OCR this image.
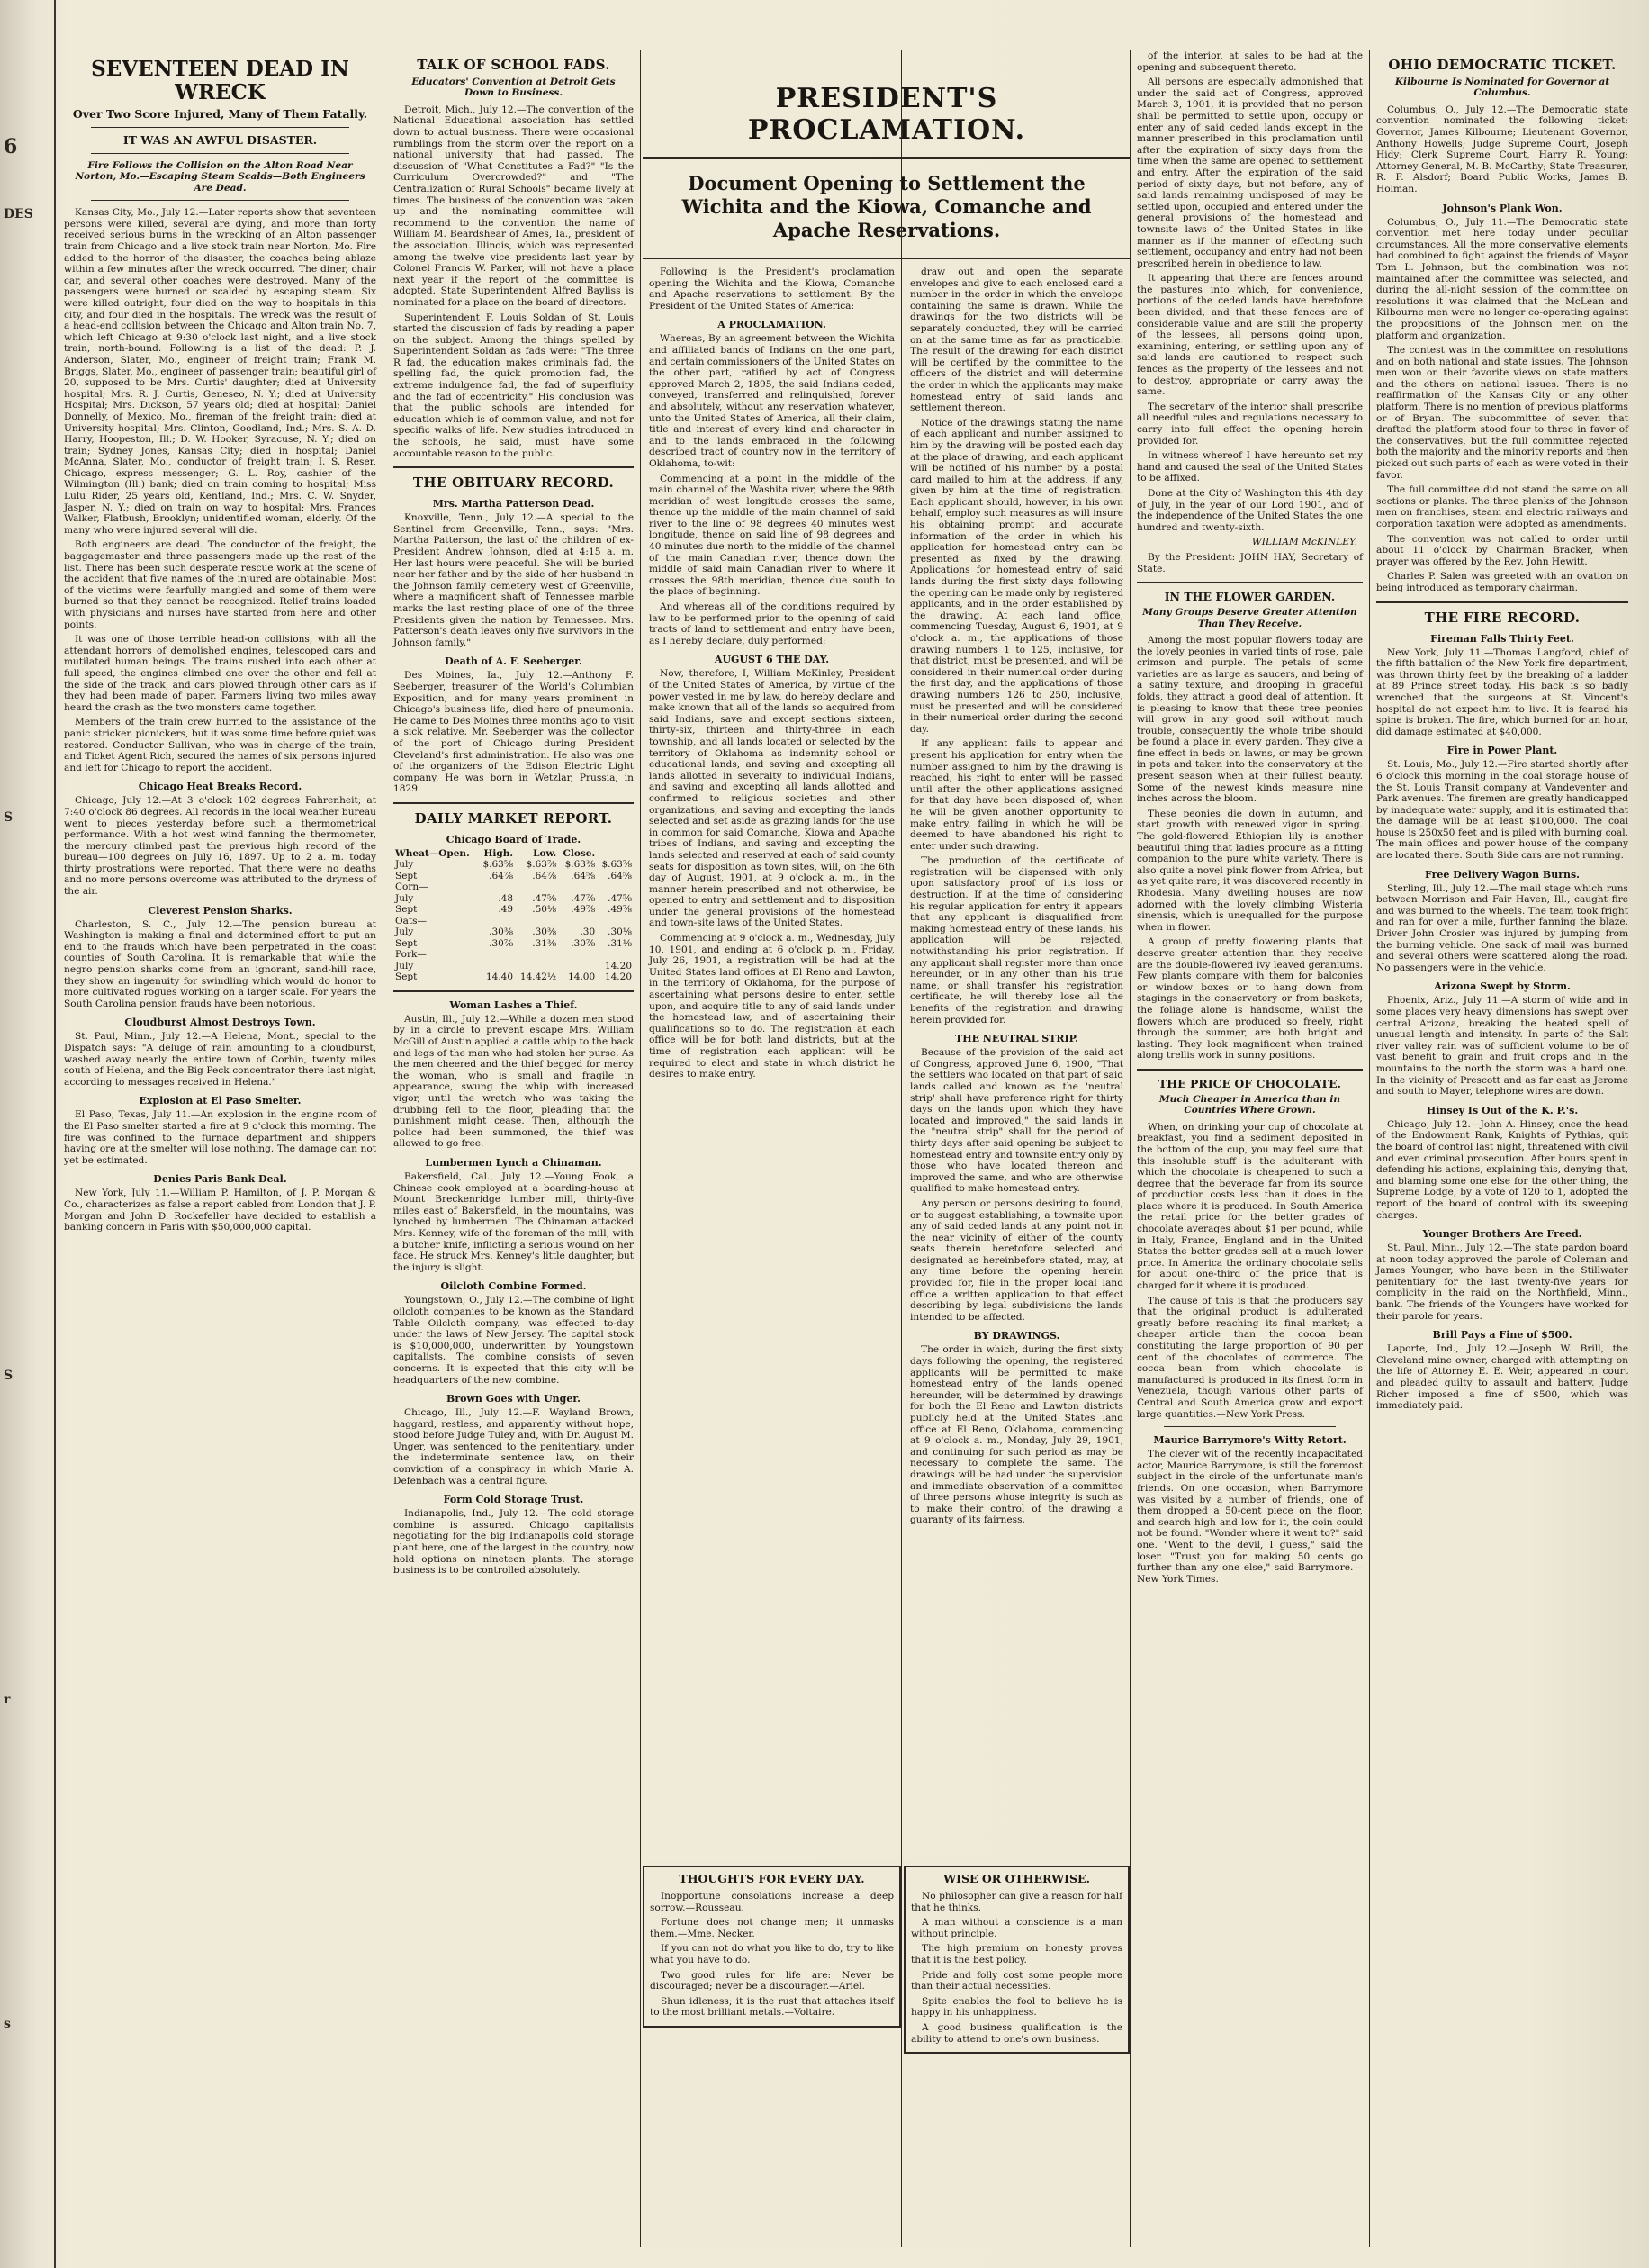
6
DES
S
S
r
s
SEVENTEEN DEAD IN WRECK
Over Two Score Injured, Many of Them Fatally.
IT WAS AN AWFUL DISASTER.
Fire Follows the Collision on the Alton Road Near Norton, Mo.—Escaping Steam Scalds—Both Engineers Are Dead.

Kansas City, Mo., July 12.—Later reports show that seventeen persons were killed, several are dying, and more than forty received serious burns in the wrecking of an Alton passenger train from Chicago and a live stock train near Norton, Mo. Fire added to the horror of the disaster, the coaches being ablaze within a few minutes after the wreck occurred. The diner, chair car, and several other coaches were destroyed. Many of the passengers were burned or scalded by escaping steam. Six were killed outright, four died on the way to hospitals in this city, and four died in the hospitals. The wreck was the result of a head-end collision between the Chicago and Alton train No. 7, which left Chicago at 9:30 o'clock last night, and a live stock train, north-bound. Following is a list of the dead: P. J. Anderson, Slater, Mo., engineer of freight train; Frank M. Briggs, Slater, Mo., engineer of passenger train; beautiful girl of 20, supposed to be Mrs. Curtis' daughter; died at University hospital; Mrs. R. J. Curtis, Geneseo, N. Y.; died at University Hospital; Mrs. Dickson, 57 years old; died at hospital; Daniel Donnelly, of Mexico, Mo., fireman of the freight train; died at University hospital; Mrs. Clinton, Goodland, Ind.; Mrs. S. A. D. Harry, Hoopeston, Ill.; D. W. Hooker, Syracuse, N. Y.; died on train; Sydney Jones, Kansas City; died in hospital; Daniel McAnna, Slater, Mo., conductor of freight train; I. S. Reser, Chicago, express messenger; G. L. Roy, cashier of the Wilmington (Ill.) bank; died on train coming to hospital; Miss Lulu Rider, 25 years old, Kentland, Ind.; Mrs. C. W. Snyder, Jasper, N. Y.; died on train on way to hospital; Mrs. Frances Walker, Flatbush, Brooklyn; unidentified woman, elderly. Of the many who were injured several will die.

Both engineers are dead. The conductor of the freight, the baggagemaster and three passengers made up the rest of the list. There has been such desperate rescue work at the scene of the accident that five names of the injured are obtainable. Most of the victims were fearfully mangled and some of them were burned so that they cannot be recognized. Relief trains loaded with physicians and nurses have started from here and other points.

It was one of those terrible head-on collisions, with all the attendant horrors of demolished engines, telescoped cars and mutilated human beings. The trains rushed into each other at full speed, the engines climbed one over the other and fell at the side of the track, and cars plowed through other cars as if they had been made of paper. Farmers living two miles away heard the crash as the two monsters came together.

Members of the train crew hurried to the assistance of the panic stricken picnickers, but it was some time before quiet was restored. Conductor Sullivan, who was in charge of the train, and Ticket Agent Rich, secured the names of six persons injured and left for Chicago to report the accident.

Chicago Heat Breaks Record.

Chicago, July 12.—At 3 o'clock 102 degrees Fahrenheit; at 7:40 o'clock 86 degrees. All records in the local weather bureau went to pieces yesterday before such a thermometrical performance. With a hot west wind fanning the thermometer, the mercury climbed past the previous high record of the bureau—100 degrees on July 16, 1897. Up to 2 a. m. today thirty prostrations were reported. That there were no deaths and no more persons overcome was attributed to the dryness of the air.

Cleverest Pension Sharks.

Charleston, S. C., July 12.—The pension bureau at Washington is making a final and determined effort to put an end to the frauds which have been perpetrated in the coast counties of South Carolina. It is remarkable that while the negro pension sharks come from an ignorant, sand-hill race, they show an ingenuity for swindling which would do honor to more cultivated rogues working on a larger scale. For years the South Carolina pension frauds have been notorious.

Cloudburst Almost Destroys Town.

St. Paul, Minn., July 12.—A Helena, Mont., special to the Dispatch says: "A deluge of rain amounting to a cloudburst, washed away nearly the entire town of Corbin, twenty miles south of Helena, and the Big Peck concentrator there last night, according to messages received in Helena."

Explosion at El Paso Smelter.

El Paso, Texas, July 11.—An explosion in the engine room of the El Paso smelter started a fire at 9 o'clock this morning. The fire was confined to the furnace department and shippers having ore at the smelter will lose nothing. The damage can not yet be estimated.

Denies Paris Bank Deal.

New York, July 11.—William P. Hamilton, of J. P. Morgan & Co., characterizes as false a report cabled from London that J. P. Morgan and John D. Rockefeller have decided to establish a banking concern in Paris with $50,000,000 capital.

TALK OF SCHOOL FADS.
Educators' Convention at Detroit Gets Down to Business.

Detroit, Mich., July 12.—The convention of the National Educational association has settled down to actual business. There were occasional rumblings from the storm over the report on a national university that had passed. The discussion of "What Constitutes a Fad?" "Is the Curriculum Overcrowded?" and "The Centralization of Rural Schools" became lively at times. The business of the convention was taken up and the nominating committee will recommend to the convention the name of William M. Beardshear of Ames, Ia., president of the association. Illinois, which was represented among the twelve vice presidents last year by Colonel Francis W. Parker, will not have a place next year if the report of the committee is adopted. State Superintendent Alfred Bayliss is nominated for a place on the board of directors.

Superintendent F. Louis Soldan of St. Louis started the discussion of fads by reading a paper on the subject. Among the things spelled by Superintendent Soldan as fads were: "The three R fad, the education makes criminals fad, the spelling fad, the quick promotion fad, the extreme indulgence fad, the fad of superfluity and the fad of eccentricity." His conclusion was that the public schools are intended for education which is of common value, and not for specific walks of life. New studies introduced in the schools, he said, must have some accountable reason to the public.

THE OBITUARY RECORD.
Mrs. Martha Patterson Dead.

Knoxville, Tenn., July 12.—A special to the Sentinel from Greenville, Tenn., says: "Mrs. Martha Patterson, the last of the children of ex-President Andrew Johnson, died at 4:15 a. m. Her last hours were peaceful. She will be buried near her father and by the side of her husband in the Johnson family cemetery west of Greenville, where a magnificent shaft of Tennessee marble marks the last resting place of one of the three Presidents given the nation by Tennessee. Mrs. Patterson's death leaves only five survivors in the Johnson family."

Death of A. F. Seeberger.

Des Moines, Ia., July 12.—Anthony F. Seeberger, treasurer of the World's Columbian Exposition, and for many years prominent in Chicago's business life, died here of pneumonia. He came to Des Moines three months ago to visit a sick relative. Mr. Seeberger was the collector of the port of Chicago during President Cleveland's first administration. He also was one of the organizers of the Edison Electric Light company. He was born in Wetzlar, Prussia, in 1829.

DAILY MARKET REPORT.
Chicago Board of Trade.
Wheat—Open.	High.	Low.	Close.	
July	$.63⅝	$.63⅞	$.63⅜	$.63⅞
Sept	.64⅞	.64⅞	.64⅝	.64⅝
Corn—				
July	.48	.47⅝	.47⅞	.47⅝
Sept	.49	.50⅛	.49⅞	.49⅞
Oats—				
July	.30⅜	.30⅜	.30	.30⅛
Sept	.30⅞	.31⅜	.30⅞	.31⅛
Pork—				
July				14.20
Sept	14.40	14.42½	14.00	14.20
Woman Lashes a Thief.

Austin, Ill., July 12.—While a dozen men stood by in a circle to prevent escape Mrs. William McGill of Austin applied a cattle whip to the back and legs of the man who had stolen her purse. As the men cheered and the thief begged for mercy the woman, who is small and fragile in appearance, swung the whip with increased vigor, until the wretch who was taking the drubbing fell to the floor, pleading that the punishment might cease. Then, although the police had been summoned, the thief was allowed to go free.

Lumbermen Lynch a Chinaman.

Bakersfield, Cal., July 12.—Young Fook, a Chinese cook employed at a boarding-house at Mount Breckenridge lumber mill, thirty-five miles east of Bakersfield, in the mountains, was lynched by lumbermen. The Chinaman attacked Mrs. Kenney, wife of the foreman of the mill, with a butcher knife, inflicting a serious wound on her face. He struck Mrs. Kenney's little daughter, but the injury is slight.

Oilcloth Combine Formed.

Youngstown, O., July 12.—The combine of light oilcloth companies to be known as the Standard Table Oilcloth company, was effected to-day under the laws of New Jersey. The capital stock is $10,000,000, underwritten by Youngstown capitalists. The combine consists of seven concerns. It is expected that this city will be headquarters of the new combine.

Brown Goes with Unger.

Chicago, Ill., July 12.—F. Wayland Brown, haggard, restless, and apparently without hope, stood before Judge Tuley and, with Dr. August M. Unger, was sentenced to the penitentiary, under the indeterminate sentence law, on their conviction of a conspiracy in which Marie A. Defenbach was a central figure.

Form Cold Storage Trust.

Indianapolis, Ind., July 12.—The cold storage combine is assured. Chicago capitalists negotiating for the big Indianapolis cold storage plant here, one of the largest in the country, now hold options on nineteen plants. The storage business is to be controlled absolutely.

PRESIDENT'S PROCLAMATION.
Document Opening to Settlement the Wichita and the Kiowa, Comanche and Apache Reservations.

Following is the President's proclamation opening the Wichita and the Kiowa, Comanche and Apache reservations to settlement: By the President of the United States of America:

A PROCLAMATION.

Whereas, By an agreement between the Wichita and affiliated bands of Indians on the one part, and certain commissioners of the United States on the other part, ratified by act of Congress approved March 2, 1895, the said Indians ceded, conveyed, transferred and relinquished, forever and absolutely, without any reservation whatever, unto the United States of America, all their claim, title and interest of every kind and character in and to the lands embraced in the following described tract of country now in the territory of Oklahoma, to-wit:

Commencing at a point in the middle of the main channel of the Washita river, where the 98th meridian of west longitude crosses the same, thence up the middle of the main channel of said river to the line of 98 degrees 40 minutes west longitude, thence on said line of 98 degrees and 40 minutes due north to the middle of the channel of the main Canadian river, thence down the middle of said main Canadian river to where it crosses the 98th meridian, thence due south to the place of beginning.

And whereas all of the conditions required by law to be performed prior to the opening of said tracts of land to settlement and entry have been, as I hereby declare, duly performed:

AUGUST 6 THE DAY.

Now, therefore, I, William McKinley, President of the United States of America, by virtue of the power vested in me by law, do hereby declare and make known that all of the lands so acquired from said Indians, save and except sections sixteen, thirty-six, thirteen and thirty-three in each township, and all lands located or selected by the territory of Oklahoma as indemnity school or educational lands, and saving and excepting all lands allotted in severalty to individual Indians, and saving and excepting all lands allotted and confirmed to religious societies and other organizations, and saving and excepting the lands selected and set aside as grazing lands for the use in common for said Comanche, Kiowa and Apache tribes of Indians, and saving and excepting the lands selected and reserved at each of said county seats for disposition as town sites, will, on the 6th day of August, 1901, at 9 o'clock a. m., in the manner herein prescribed and not otherwise, be opened to entry and settlement and to disposition under the general provisions of the homestead and town-site laws of the United States.

Commencing at 9 o'clock a. m., Wednesday, July 10, 1901, and ending at 6 o'clock p. m., Friday, July 26, 1901, a registration will be had at the United States land offices at El Reno and Lawton, in the territory of Oklahoma, for the purpose of ascertaining what persons desire to enter, settle upon, and acquire title to any of said lands under the homestead law, and of ascertaining their qualifications so to do. The registration at each office will be for both land districts, but at the time of registration each applicant will be required to elect and state in which district he desires to make entry.

THOUGHTS FOR EVERY DAY.

Inopportune consolations increase a deep sorrow.—Rousseau.

Fortune does not change men; it unmasks them.—Mme. Necker.

If you can not do what you like to do, try to like what you have to do.

Two good rules for life are: Never be discouraged; never be a discourager.—Ariel.

Shun idleness; it is the rust that attaches itself to the most brilliant metals.—Voltaire.

draw out and open the separate envelopes and give to each enclosed card a number in the order in which the envelope containing the same is drawn. While the drawings for the two districts will be separately conducted, they will be carried on at the same time as far as practicable. The result of the drawing for each district will be certified by the committee to the officers of the district and will determine the order in which the applicants may make homestead entry of said lands and settlement thereon.

Notice of the drawings stating the name of each applicant and number assigned to him by the drawing will be posted each day at the place of drawing, and each applicant will be notified of his number by a postal card mailed to him at the address, if any, given by him at the time of registration. Each applicant should, however, in his own behalf, employ such measures as will insure his obtaining prompt and accurate information of the order in which his application for homestead entry can be presented as fixed by the drawing. Applications for homestead entry of said lands during the first sixty days following the opening can be made only by registered applicants, and in the order established by the drawing. At each land office, commencing Tuesday, August 6, 1901, at 9 o'clock a. m., the applications of those drawing numbers 1 to 125, inclusive, for that district, must be presented, and will be considered in their numerical order during the first day, and the applications of those drawing numbers 126 to 250, inclusive, must be presented and will be considered in their numerical order during the second day.

If any applicant fails to appear and present his application for entry when the number assigned to him by the drawing is reached, his right to enter will be passed until after the other applications assigned for that day have been disposed of, when he will be given another opportunity to make entry, failing in which he will be deemed to have abandoned his right to enter under such drawing.

The production of the certificate of registration will be dispensed with only upon satisfactory proof of its loss or destruction. If at the time of considering his regular application for entry it appears that any applicant is disqualified from making homestead entry of these lands, his application will be rejected, notwithstanding his prior registration. If any applicant shall register more than once hereunder, or in any other than his true name, or shall transfer his registration certificate, he will thereby lose all the benefits of the registration and drawing herein provided for.

THE NEUTRAL STRIP.

Because of the provision of the said act of Congress, approved June 6, 1900, "That the settlers who located on that part of said lands called and known as the 'neutral strip' shall have preference right for thirty days on the lands upon which they have located and improved," the said lands in the "neutral strip" shall for the period of thirty days after said opening be subject to homestead entry and townsite entry only by those who have located thereon and improved the same, and who are otherwise qualified to make homestead entry.

Any person or persons desiring to found, or to suggest establishing, a townsite upon any of said ceded lands at any point not in the near vicinity of either of the county seats therein heretofore selected and designated as hereinbefore stated, may, at any time before the opening herein provided for, file in the proper local land office a written application to that effect describing by legal subdivisions the lands intended to be affected.

BY DRAWINGS.

The order in which, during the first sixty days following the opening, the registered applicants will be permitted to make homestead entry of the lands opened hereunder, will be determined by drawings for both the El Reno and Lawton districts publicly held at the United States land office at El Reno, Oklahoma, commencing at 9 o'clock a. m., Monday, July 29, 1901, and continuing for such period as may be necessary to complete the same. The drawings will be had under the supervision and immediate observation of a committee of three persons whose integrity is such as to make their control of the drawing a guaranty of its fairness.

WISE OR OTHERWISE.

No philosopher can give a reason for half that he thinks.

A man without a conscience is a man without principle.

The high premium on honesty proves that it is the best policy.

Pride and folly cost some people more than their actual necessities.

Spite enables the fool to believe he is happy in his unhappiness.

A good business qualification is the ability to attend to one's own business.

of the interior, at sales to be had at the opening and subsequent thereto.

All persons are especially admonished that under the said act of Congress, approved March 3, 1901, it is provided that no person shall be permitted to settle upon, occupy or enter any of said ceded lands except in the manner prescribed in this proclamation until after the expiration of sixty days from the time when the same are opened to settlement and entry. After the expiration of the said period of sixty days, but not before, any of said lands remaining undisposed of may be settled upon, occupied and entered under the general provisions of the homestead and townsite laws of the United States in like manner as if the manner of effecting such settlement, occupancy and entry had not been prescribed herein in obedience to law.

It appearing that there are fences around the pastures into which, for convenience, portions of the ceded lands have heretofore been divided, and that these fences are of considerable value and are still the property of the lessees, all persons going upon, examining, entering, or settling upon any of said lands are cautioned to respect such fences as the property of the lessees and not to destroy, appropriate or carry away the same.

The secretary of the interior shall prescribe all needful rules and regulations necessary to carry into full effect the opening herein provided for.

In witness whereof I have hereunto set my hand and caused the seal of the United States to be affixed.

Done at the City of Washington this 4th day of July, in the year of our Lord 1901, and of the independence of the United States the one hundred and twenty-sixth.

WILLIAM McKINLEY.

By the President: JOHN HAY, Secretary of State.

IN THE FLOWER GARDEN.
Many Groups Deserve Greater Attention Than They Receive.

Among the most popular flowers today are the lovely peonies in varied tints of rose, pale crimson and purple. The petals of some varieties are as large as saucers, and being of a satiny texture, and drooping in graceful folds, they attract a good deal of attention. It is pleasing to know that these tree peonies will grow in any good soil without much trouble, consequently the whole tribe should be found a place in every garden. They give a fine effect in beds on lawns, or may be grown in pots and taken into the conservatory at the present season when at their fullest beauty. Some of the newest kinds measure nine inches across the bloom.

These peonies die down in autumn, and start growth with renewed vigor in spring. The gold-flowered Ethiopian lily is another beautiful thing that ladies procure as a fitting companion to the pure white variety. There is also quite a novel pink flower from Africa, but as yet quite rare; it was discovered recently in Rhodesia. Many dwelling houses are now adorned with the lovely climbing Wisteria sinensis, which is unequalled for the purpose when in flower.

A group of pretty flowering plants that deserve greater attention than they receive are the double-flowered ivy leaved geraniums. Few plants compare with them for balconies or window boxes or to hang down from stagings in the conservatory or from baskets; the foliage alone is handsome, whilst the flowers which are produced so freely, right through the summer, are both bright and lasting. They look magnificent when trained along trellis work in sunny positions.

THE PRICE OF CHOCOLATE.
Much Cheaper in America than in Countries Where Grown.

When, on drinking your cup of chocolate at breakfast, you find a sediment deposited in the bottom of the cup, you may feel sure that this insoluble stuff is the adulterant with which the chocolate is cheapened to such a degree that the beverage far from its source of production costs less than it does in the place where it is produced. In South America the retail price for the better grades of chocolate averages about $1 per pound, while in Italy, France, England and in the United States the better grades sell at a much lower price. In America the ordinary chocolate sells for about one-third of the price that is charged for it where it is produced.

The cause of this is that the producers say that the original product is adulterated greatly before reaching its final market; a cheaper article than the cocoa bean constituting the large proportion of 90 per cent of the chocolates of commerce. The cocoa bean from which chocolate is manufactured is produced in its finest form in Venezuela, though various other parts of Central and South America grow and export large quantities.—New York Press.

Maurice Barrymore's Witty Retort.

The clever wit of the recently incapacitated actor, Maurice Barrymore, is still the foremost subject in the circle of the unfortunate man's friends. On one occasion, when Barrymore was visited by a number of friends, one of them dropped a 50-cent piece on the floor, and search high and low for it, the coin could not be found. "Wonder where it went to?" said one. "Went to the devil, I guess," said the loser. "Trust you for making 50 cents go further than any one else," said Barrymore.—New York Times.

OHIO DEMOCRATIC TICKET.
Kilbourne Is Nominated for Governor at Columbus.

Columbus, O., July 12.—The Democratic state convention nominated the following ticket: Governor, James Kilbourne; Lieutenant Governor, Anthony Howells; Judge Supreme Court, Joseph Hidy; Clerk Supreme Court, Harry R. Young; Attorney General, M. B. McCarthy; State Treasurer, R. F. Alsdorf; Board Public Works, James B. Holman.

Johnson's Plank Won.

Columbus, O., July 11.—The Democratic state convention met here today under peculiar circumstances. All the more conservative elements had combined to fight against the friends of Mayor Tom L. Johnson, but the combination was not maintained after the committee was selected, and during the all-night session of the committee on resolutions it was claimed that the McLean and Kilbourne men were no longer co-operating against the propositions of the Johnson men on the platform and organization.

The contest was in the committee on resolutions and on both national and state issues. The Johnson men won on their favorite views on state matters and the others on national issues. There is no reaffirmation of the Kansas City or any other platform. There is no mention of previous platforms or of Bryan. The subcommittee of seven that drafted the platform stood four to three in favor of the conservatives, but the full committee rejected both the majority and the minority reports and then picked out such parts of each as were voted in their favor.

The full committee did not stand the same on all sections or planks. The three planks of the Johnson men on franchises, steam and electric railways and corporation taxation were adopted as amendments.

The convention was not called to order until about 11 o'clock by Chairman Bracker, when prayer was offered by the Rev. John Hewitt.

Charles P. Salen was greeted with an ovation on being introduced as temporary chairman.

THE FIRE RECORD.
Fireman Falls Thirty Feet.

New York, July 11.—Thomas Langford, chief of the fifth battalion of the New York fire department, was thrown thirty feet by the breaking of a ladder at 89 Prince street today. His back is so badly wrenched that the surgeons at St. Vincent's hospital do not expect him to live. It is feared his spine is broken. The fire, which burned for an hour, did damage estimated at $40,000.

Fire in Power Plant.

St. Louis, Mo., July 12.—Fire started shortly after 6 o'clock this morning in the coal storage house of the St. Louis Transit company at Vandeventer and Park avenues. The firemen are greatly handicapped by inadequate water supply, and it is estimated that the damage will be at least $100,000. The coal house is 250x50 feet and is piled with burning coal. The main offices and power house of the company are located there. South Side cars are not running.

Free Delivery Wagon Burns.

Sterling, Ill., July 12.—The mail stage which runs between Morrison and Fair Haven, Ill., caught fire and was burned to the wheels. The team took fright and ran for over a mile, further fanning the blaze. Driver John Crosier was injured by jumping from the burning vehicle. One sack of mail was burned and several others were scattered along the road. No passengers were in the vehicle.

Arizona Swept by Storm.

Phoenix, Ariz., July 11.—A storm of wide and in some places very heavy dimensions has swept over central Arizona, breaking the heated spell of unusual length and intensity. In parts of the Salt river valley rain was of sufficient volume to be of vast benefit to grain and fruit crops and in the mountains to the north the storm was a hard one. In the vicinity of Prescott and as far east as Jerome and south to Mayer, telephone wires are down.

Hinsey Is Out of the K. P.'s.

Chicago, July 12.—John A. Hinsey, once the head of the Endowment Rank, Knights of Pythias, quit the board of control last night, threatened with civil and even criminal prosecution. After hours spent in defending his actions, explaining this, denying that, and blaming some one else for the other thing, the Supreme Lodge, by a vote of 120 to 1, adopted the report of the board of control with its sweeping charges.

Younger Brothers Are Freed.

St. Paul, Minn., July 12.—The state pardon board at noon today approved the parole of Coleman and James Younger, who have been in the Stillwater penitentiary for the last twenty-five years for complicity in the raid on the Northfield, Minn., bank. The friends of the Youngers have worked for their parole for years.

Brill Pays a Fine of $500.

Laporte, Ind., July 12.—Joseph W. Brill, the Cleveland mine owner, charged with attempting on the life of Attorney E. E. Weir, appeared in court and pleaded guilty to assault and battery. Judge Richer imposed a fine of $500, which was immediately paid.
